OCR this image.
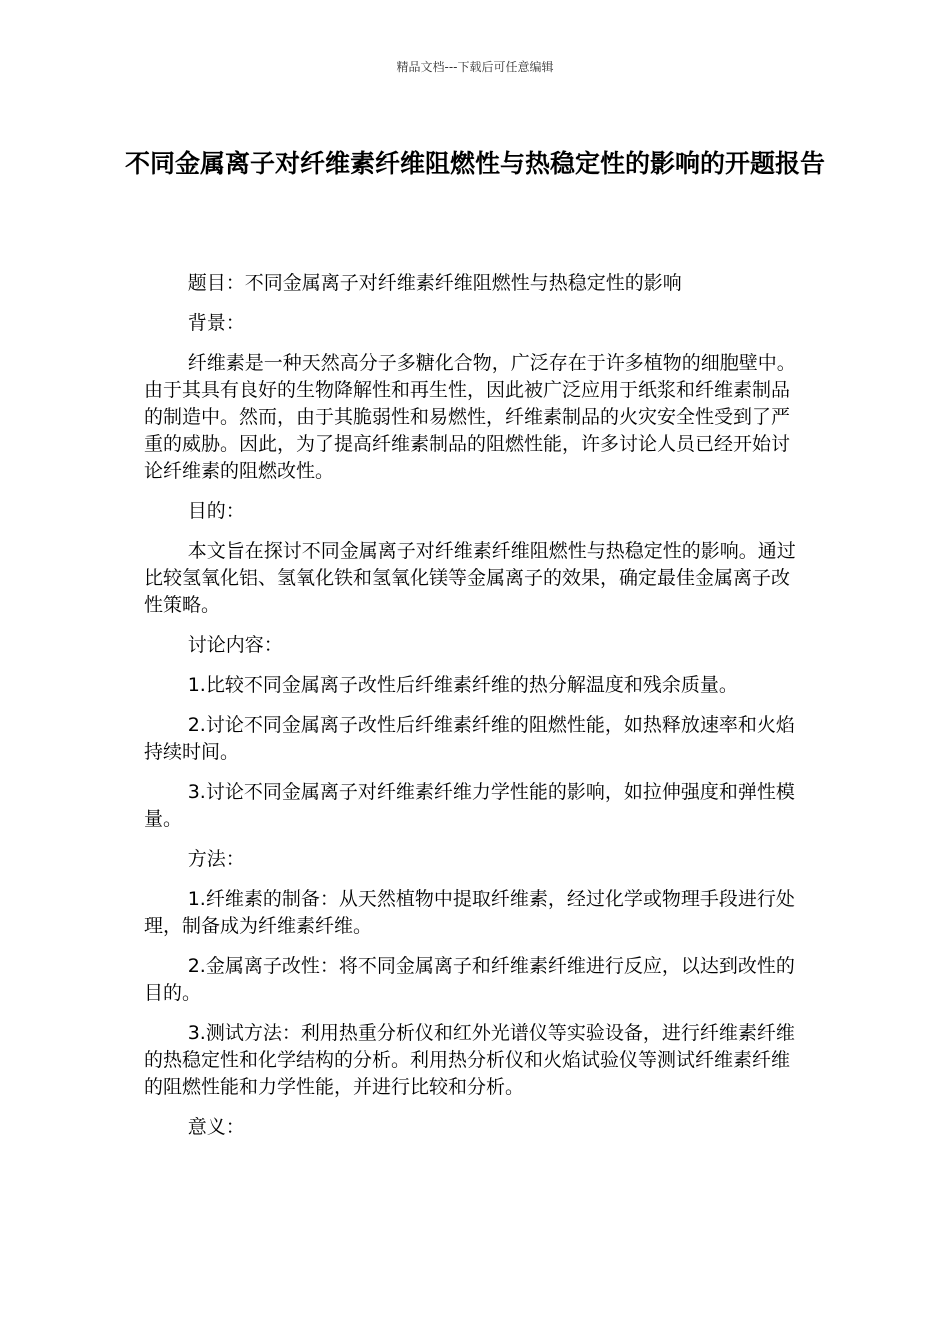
精品文档---下载后可任意编辑
不同金属离子对纤维素纤维阻燃性与热稳定性的影响的开题报告

题目：不同金属离子对纤维素纤维阻燃性与热稳定性的影响

背景：

纤维素是一种天然高分子多糖化合物，广泛存在于许多植物的细胞壁中。由于其具有良好的生物降解性和再生性，因此被广泛应用于纸浆和纤维素制品的制造中。然而，由于其脆弱性和易燃性，纤维素制品的火灾安全性受到了严重的威胁。因此，为了提高纤维素制品的阻燃性能，许多讨论人员已经开始讨论纤维素的阻燃改性。

目的：

本文旨在探讨不同金属离子对纤维素纤维阻燃性与热稳定性的影响。通过比较氢氧化铝、氢氧化铁和氢氧化镁等金属离子的效果，确定最佳金属离子改性策略。

讨论内容：

1.比较不同金属离子改性后纤维素纤维的热分解温度和残余质量。

2.讨论不同金属离子改性后纤维素纤维的阻燃性能，如热释放速率和火焰持续时间。

3.讨论不同金属离子对纤维素纤维力学性能的影响，如拉伸强度和弹性模量。

方法：

1.纤维素的制备：从天然植物中提取纤维素，经过化学或物理手段进行处理，制备成为纤维素纤维。

2.金属离子改性：将不同金属离子和纤维素纤维进行反应，以达到改性的目的。

3.测试方法：利用热重分析仪和红外光谱仪等实验设备，进行纤维素纤维的热稳定性和化学结构的分析。利用热分析仪和火焰试验仪等测试纤维素纤维的阻燃性能和力学性能，并进行比较和分析。

意义：
